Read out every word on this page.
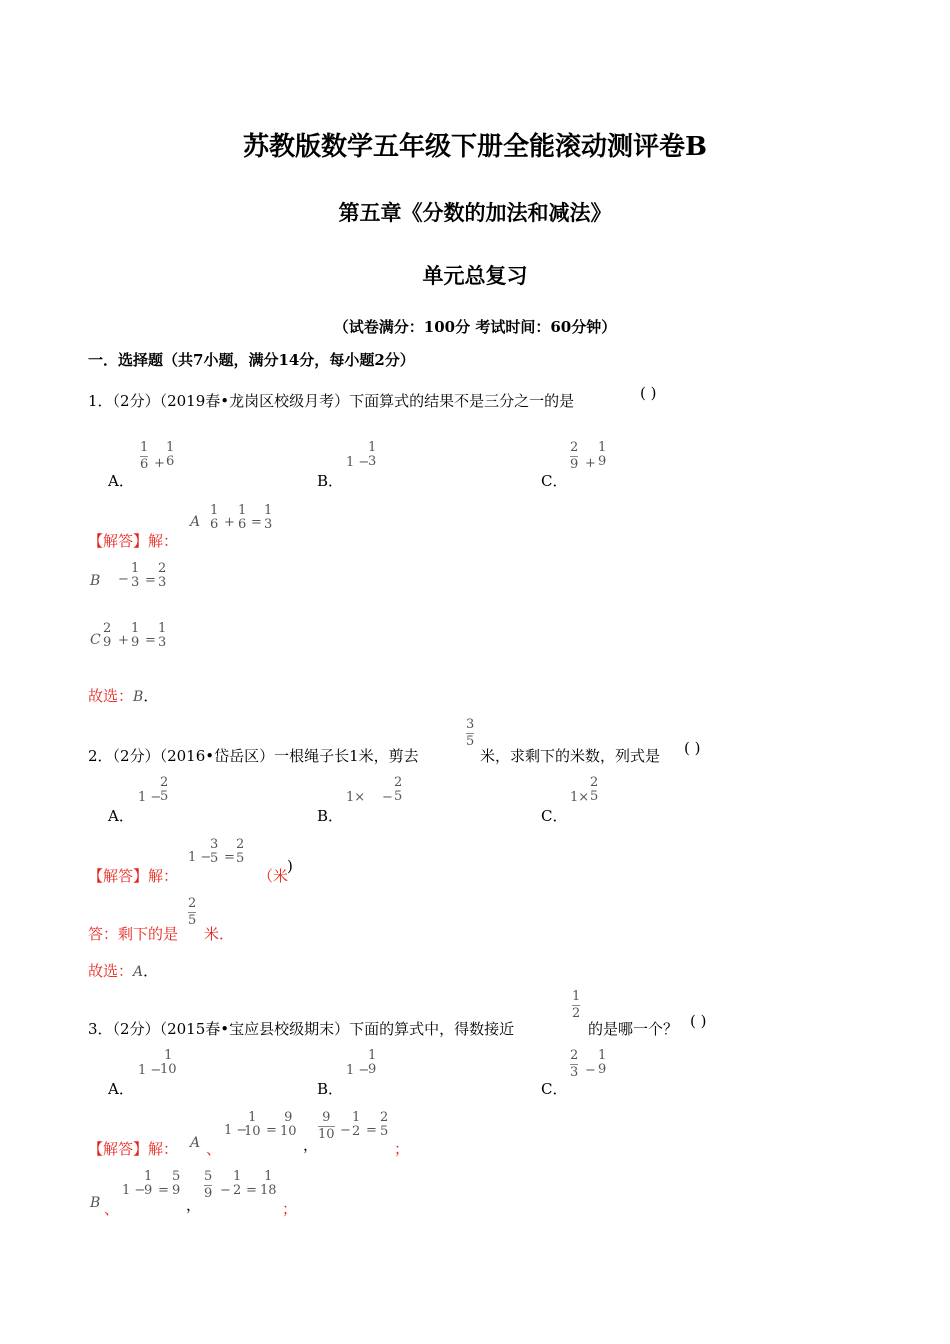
苏教版数学五年级下册全能滚动测评卷B
第五章《分数的加法和减法》
单元总复习
（试卷满分：100分 考试时间：60分钟）
一．选择题（共7小题，满分14分，每小题2分）
1．（2分）（2019春•龙岗区校级月考）下面算式的结果不是三分之一的是	( )
A．
1
6 +
1
6
B．
1 −
1
3
C．
2
9 +
1
9
【解答】解：
A
1
6 +
1
6 =
1
3
B −
1
3 =
2
3
C
2
9 +
1
9 =
1
3
故选：B．
2．（2分）（2016•岱岳区）一根绳子长1米，剪去
3
5
米，求剩下的米数，列式是 ( )
A．
1 −
2
5
B．
1× −
2
5
C．
1×
2
5
【解答】解：
1 −
3
5 =
2
5
（米
)
答：剩下的是
2
5
米．
故选：A．
3．（2分）（2015春•宝应县校级期末）下面的算式中，得数接近
1
2
的是哪一个？ ( )
A．
1 −
1
10
B．
1 −
1
9
C．
2
3 −
1
9
【解答】解： A 、
1 −
1
10 =
9
10
，
9
10 −
1
2 =
2
5
；
B 、
1 −
1
9 =
5
9
，
5
9 −
1
2 =
1
18
；
